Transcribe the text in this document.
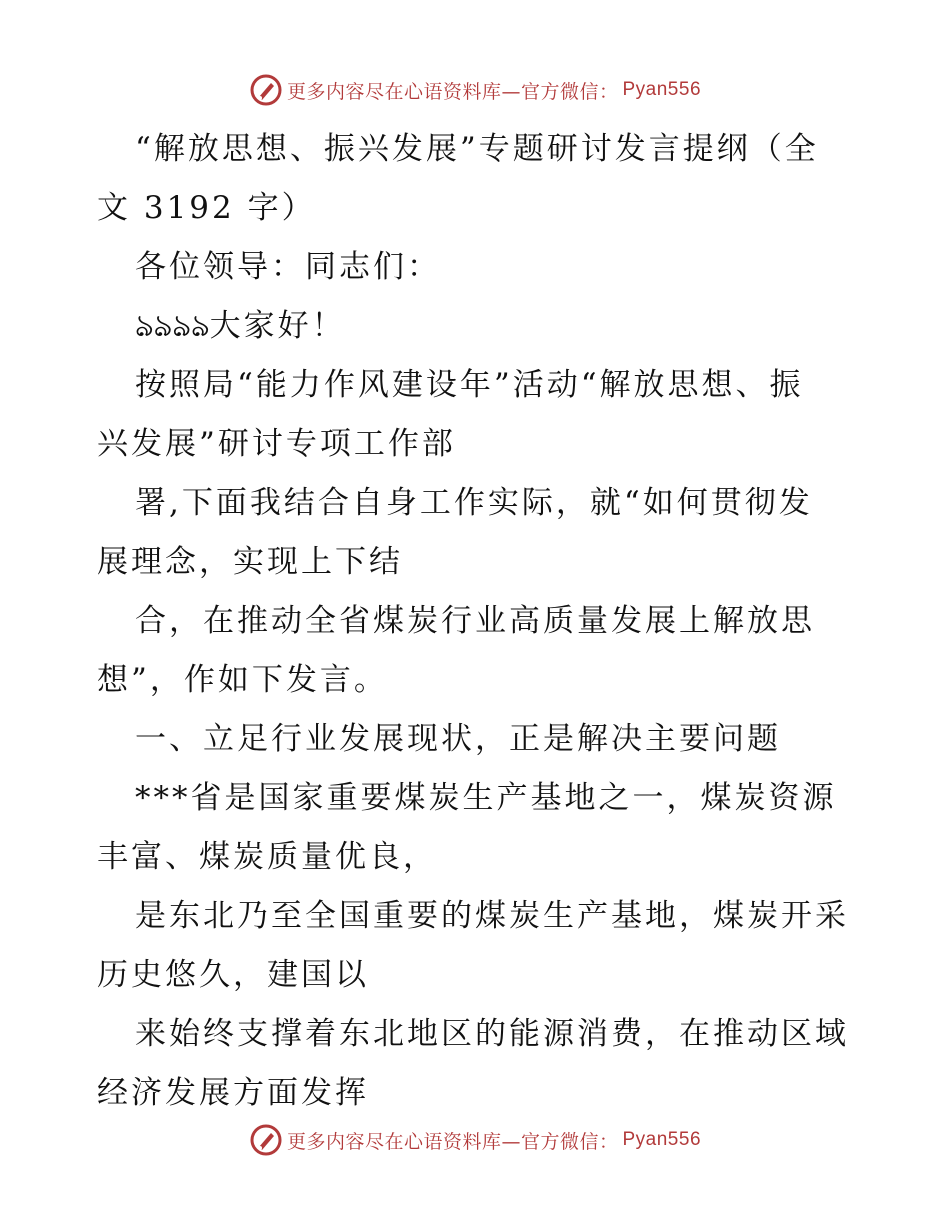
更多内容尽在心语资料库—官方微信： Pyan556

“解放思想、振兴发展”专题研讨发言提纲（全

文 3192 字）

各位领导：同志们：

ঌঌঌঌ大家好！

按照局“能力作风建设年”活动“解放思想、振

兴发展”研讨专项工作部

署,下面我结合自身工作实际，就“如何贯彻发

展理念，实现上下结

合，在推动全省煤炭行业高质量发展上解放思

想”，作如下发言。

一、立足行业发展现状，正是解决主要问题

***省是国家重要煤炭生产基地之一，煤炭资源

丰富、煤炭质量优良，

是东北乃至全国重要的煤炭生产基地，煤炭开采

历史悠久，建国以

来始终支撑着东北地区的能源消费，在推动区域

经济发展方面发挥

更多内容尽在心语资料库—官方微信： Pyan556
